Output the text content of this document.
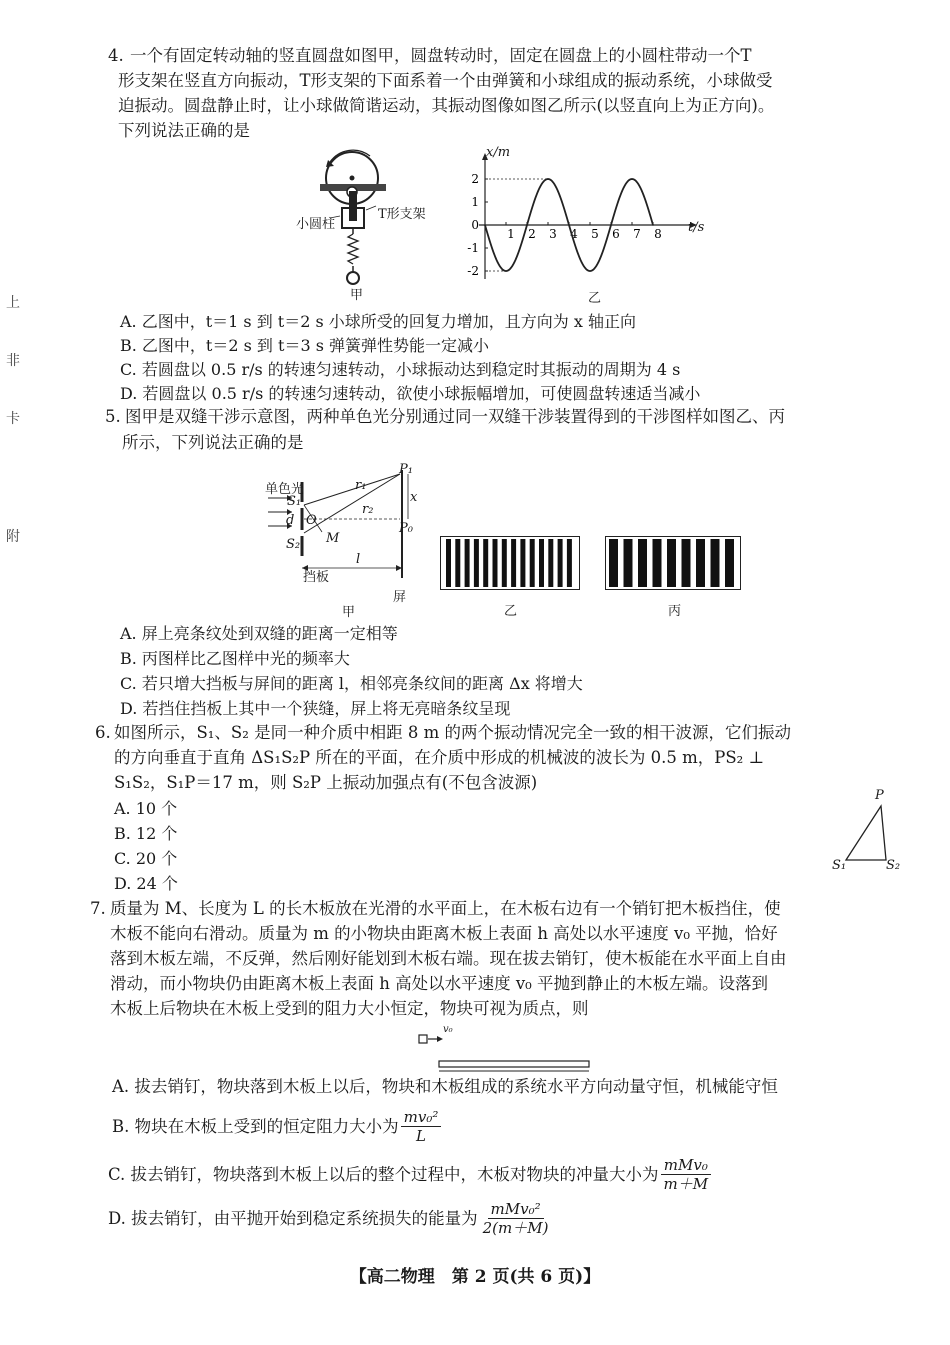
上
非
卡
附
4. 一个有固定转动轴的竖直圆盘如图甲，圆盘转动时，固定在圆盘上的小圆柱带动一个T
形支架在竖直方向振动，T形支架的下面系着一个由弹簧和小球组成的振动系统，小球做受
迫振动。圆盘静止时，让小球做简谐运动，其振动图像如图乙所示(以竖直向上为正方向)。
下列说法正确的是
小圆柱
T形支架
甲
2
1
0
-1
-2
1 2 3 4 5 6 7 8
x/m
t/s
乙
A. 乙图中，t＝1 s 到 t＝2 s 小球所受的回复力增加，且方向为 x 轴正向
B. 乙图中，t＝2 s 到 t＝3 s 弹簧弹性势能一定减小
C. 若圆盘以 0.5 r/s 的转速匀速转动，小球振动达到稳定时其振动的周期为 4 s
D. 若圆盘以 0.5 r/s 的转速匀速转动，欲使小球振幅增加，可使圆盘转速适当减小
5. 图甲是双缝干涉示意图，两种单色光分别通过同一双缝干涉装置得到的干涉图样如图乙、丙
所示，下列说法正确的是
单色光
S₁
d O
S₂ M
r₁
r₂
P₁
P₀
x
l
挡板
屏
甲	乙	丙
A. 屏上亮条纹处到双缝的距离一定相等
B. 丙图样比乙图样中光的频率大
C. 若只增大挡板与屏间的距离 l，相邻亮条纹间的距离 Δx 将增大
D. 若挡住挡板上其中一个狭缝，屏上将无亮暗条纹呈现
6. 如图所示，S₁、S₂ 是同一种介质中相距 8 m 的两个振动情况完全一致的相干波源，它们振动
的方向垂直于直角 ΔS₁S₂P 所在的平面，在介质中形成的机械波的波长为 0.5 m，PS₂ ⊥
S₁S₂，S₁P＝17 m，则 S₂P 上振动加强点有(不包含波源)
A. 10 个
B. 12 个
C. 20 个
D. 24 个
P
S₁	S₂
7. 质量为 M、长度为 L 的长木板放在光滑的水平面上，在木板右边有一个销钉把木板挡住，使
木板不能向右滑动。质量为 m 的小物块由距离木板上表面 h 高处以水平速度 v₀ 平抛，恰好
落到木板左端，不反弹，然后刚好能划到木板右端。现在拔去销钉，使木板能在水平面上自由
滑动，而小物块仍由距离木板上表面 h 高处以水平速度 v₀ 平抛到静止的木板左端。设落到
木板上后物块在木板上受到的阻力大小恒定，物块可视为质点，则
v₀
A. 拔去销钉，物块落到木板上以后，物块和木板组成的系统水平方向动量守恒，机械能守恒
B. 物块在木板上受到的恒定阻力大小为 $\frac{\text{mv₀²}}{L}$
C. 拔去销钉，物块落到木板上以后的整个过程中，木板对物块的冲量大小为 $\frac{\text{mMv₀}}{m+M}$
D. 拔去销钉，由平抛开始到稳定系统损失的能量为 $\frac{\text{mMv₀²}}{2(m+M)}$
【高二物理　第 2 页(共 6 页)】
